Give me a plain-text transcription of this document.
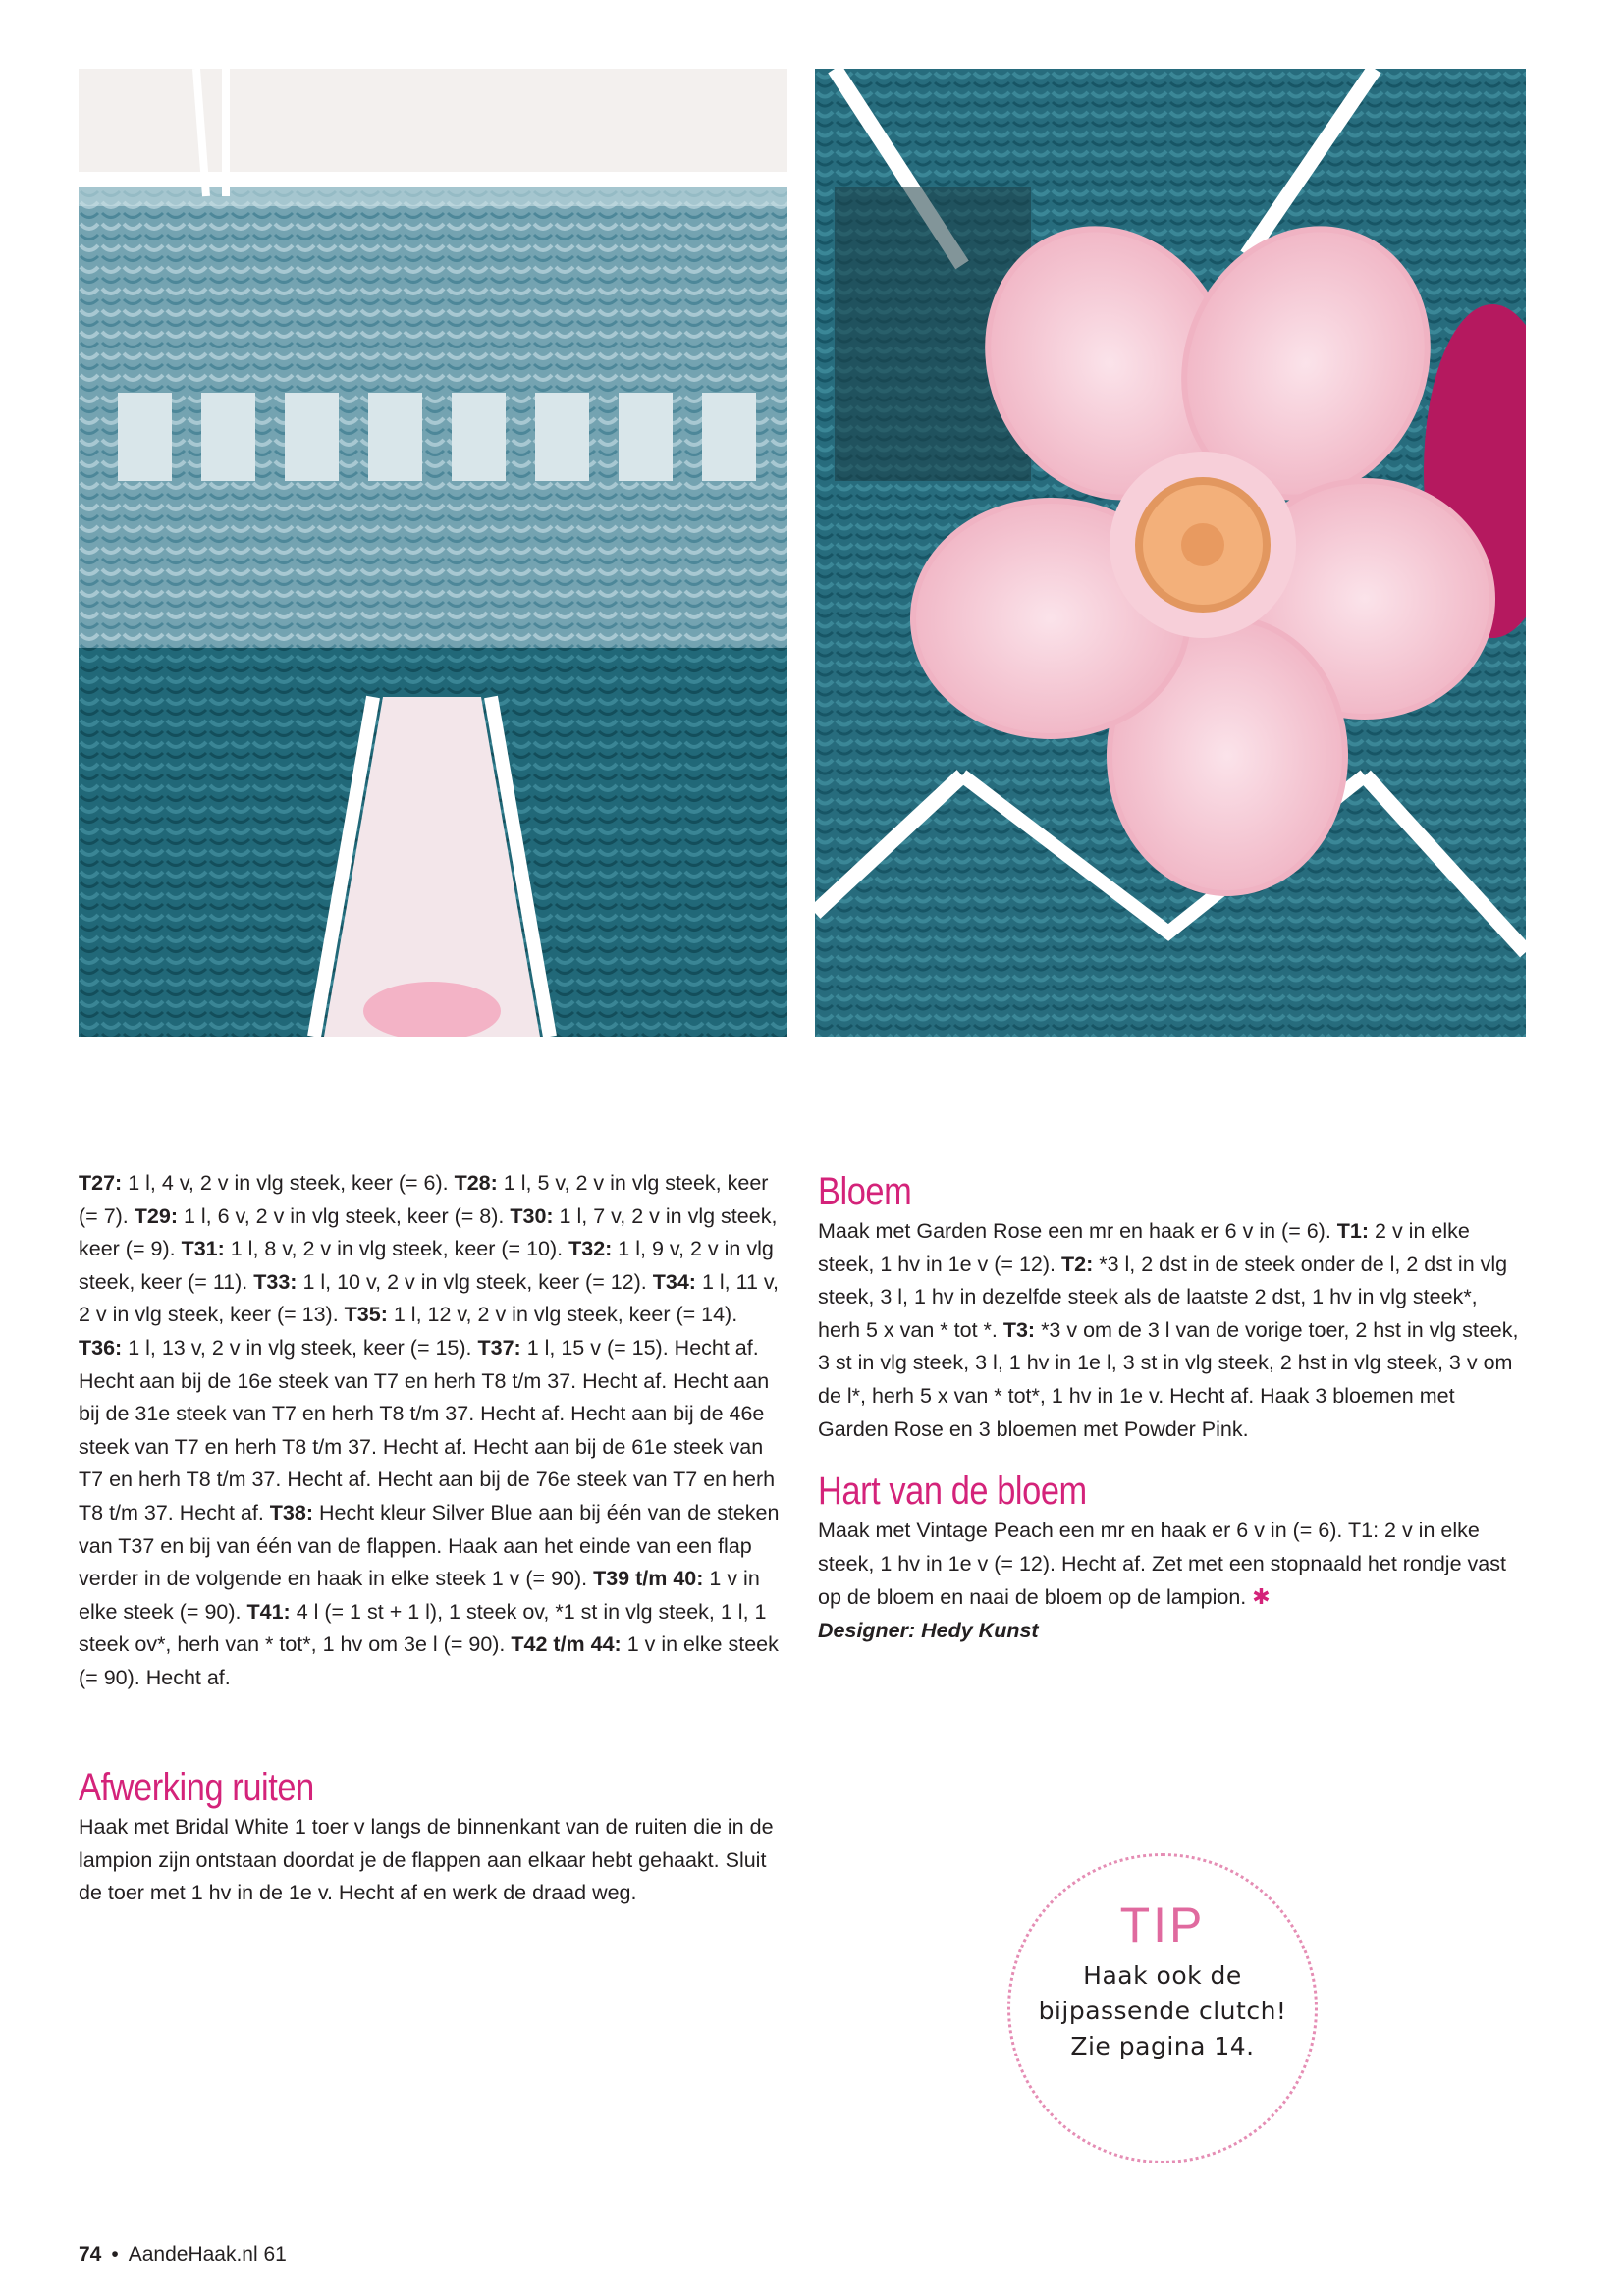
T27: 1 l, 4 v, 2 v in vlg steek, keer (= 6). T28: 1 l, 5 v, 2 v in vlg steek, keer (= 7). T29: 1 l, 6 v, 2 v in vlg steek, keer (= 8). T30: 1 l, 7 v, 2 v in vlg steek, keer (= 9). T31: 1 l, 8 v, 2 v in vlg steek, keer (= 10). T32: 1 l, 9 v, 2 v in vlg steek, keer (= 11). T33: 1 l, 10 v, 2 v in vlg steek, keer (= 12). T34: 1 l, 11 v, 2 v in vlg steek, keer (= 13). T35: 1 l, 12 v, 2 v in vlg steek, keer (= 14). T36: 1 l, 13 v, 2 v in vlg steek, keer (= 15). T37: 1 l, 15 v (= 15). Hecht af. Hecht aan bij de 16e steek van T7 en herh T8 t/m 37. Hecht af. Hecht aan bij de 31e steek van T7 en herh T8 t/m 37. Hecht af. Hecht aan bij de 46e steek van T7 en herh T8 t/m 37. Hecht af. Hecht aan bij de 61e steek van T7 en herh T8 t/m 37. Hecht af. Hecht aan bij de 76e steek van T7 en herh T8 t/m 37. Hecht af. T38: Hecht kleur Silver Blue aan bij één van de steken van T37 en bij van één van de flappen. Haak aan het einde van een flap verder in de volgende en haak in elke steek 1 v (= 90). T39 t/m 40: 1 v in elke steek (= 90). T41: 4 l (= 1 st + 1 l), 1 steek ov, *1 st in vlg steek, 1 l, 1 steek ov*, herh van * tot*, 1 hv om 3e l (= 90). T42 t/m 44: 1 v in elke steek (= 90). Hecht af.

Afwerking ruiten

Haak met Bridal White 1 toer v langs de binnenkant van de ruiten die in de lampion zijn ontstaan doordat je de flappen aan elkaar hebt gehaakt. Sluit de toer met 1 hv in de 1e v. Hecht af en werk de draad weg.

Bloem

Maak met Garden Rose een mr en haak er 6 v in (= 6). T1: 2 v in elke steek, 1 hv in 1e v (= 12). T2: *3 l, 2 dst in de steek onder de l, 2 dst in vlg steek, 3 l, 1 hv in dezelfde steek als de laatste 2 dst, 1 hv in vlg steek*, herh 5 x van * tot *. T3: *3 v om de 3 l van de vorige toer, 2 hst in vlg steek, 3 st in vlg steek, 3 l, 1 hv in 1e l, 3 st in vlg steek, 2 hst in vlg steek, 3 v om de l*, herh 5 x van * tot*, 1 hv in 1e v. Hecht af. Haak 3 bloemen met Garden Rose en 3 bloemen met Powder Pink.

Hart van de bloem

Maak met Vintage Peach een mr en haak er 6 v in (= 6). T1: 2 v in elke steek, 1 hv in 1e v (= 12). Hecht af. Zet met een stopnaald het rondje vast op de bloem en naai de bloem op de lampion. ✱
Designer: Hedy Kunst

TIP
Haak ook de
bijpassende clutch!
Zie pagina 14.
74 • AandeHaak.nl 61
